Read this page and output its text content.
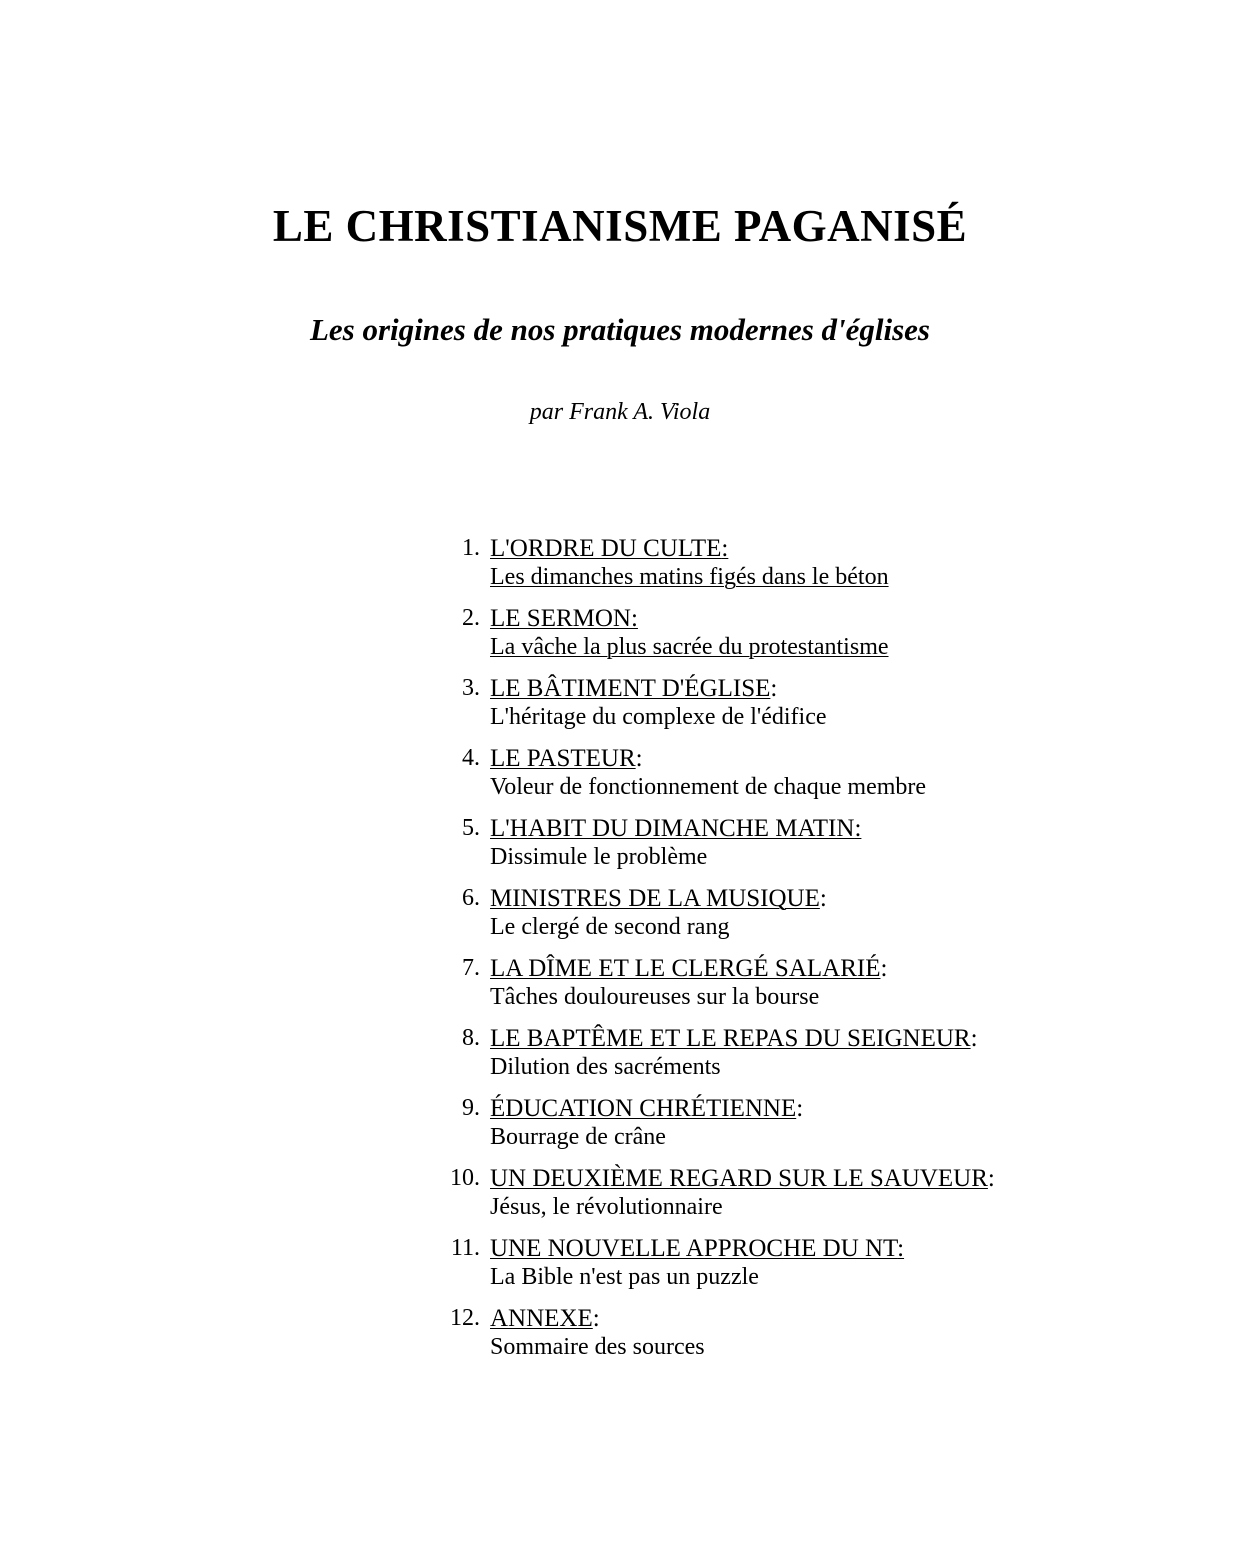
LE CHRISTIANISME PAGANISÉ
Les origines de nos pratiques modernes d'églises

par Frank A. Viola

1. L'ORDRE DU CULTE:
Les dimanches matins figés dans le béton
2. LE SERMON:
La vâche la plus sacrée du protestantisme
3. LE BÂTIMENT D'ÉGLISE:
L'héritage du complexe de l'édifice
4. LE PASTEUR:
Voleur de fonctionnement de chaque membre
5. L'HABIT DU DIMANCHE MATIN:
Dissimule le problème
6. MINISTRES DE LA MUSIQUE:
Le clergé de second rang
7. LA DÎME ET LE CLERGÉ SALARIÉ:
Tâches douloureuses sur la bourse
8. LE BAPTÊME ET LE REPAS DU SEIGNEUR:
Dilution des sacréments
9. ÉDUCATION CHRÉTIENNE:
Bourrage de crâne
10. UN DEUXIÈME REGARD SUR LE SAUVEUR:
Jésus, le révolutionnaire
11. UNE NOUVELLE APPROCHE DU NT:
La Bible n'est pas un puzzle
12. ANNEXE:
Sommaire des sources
